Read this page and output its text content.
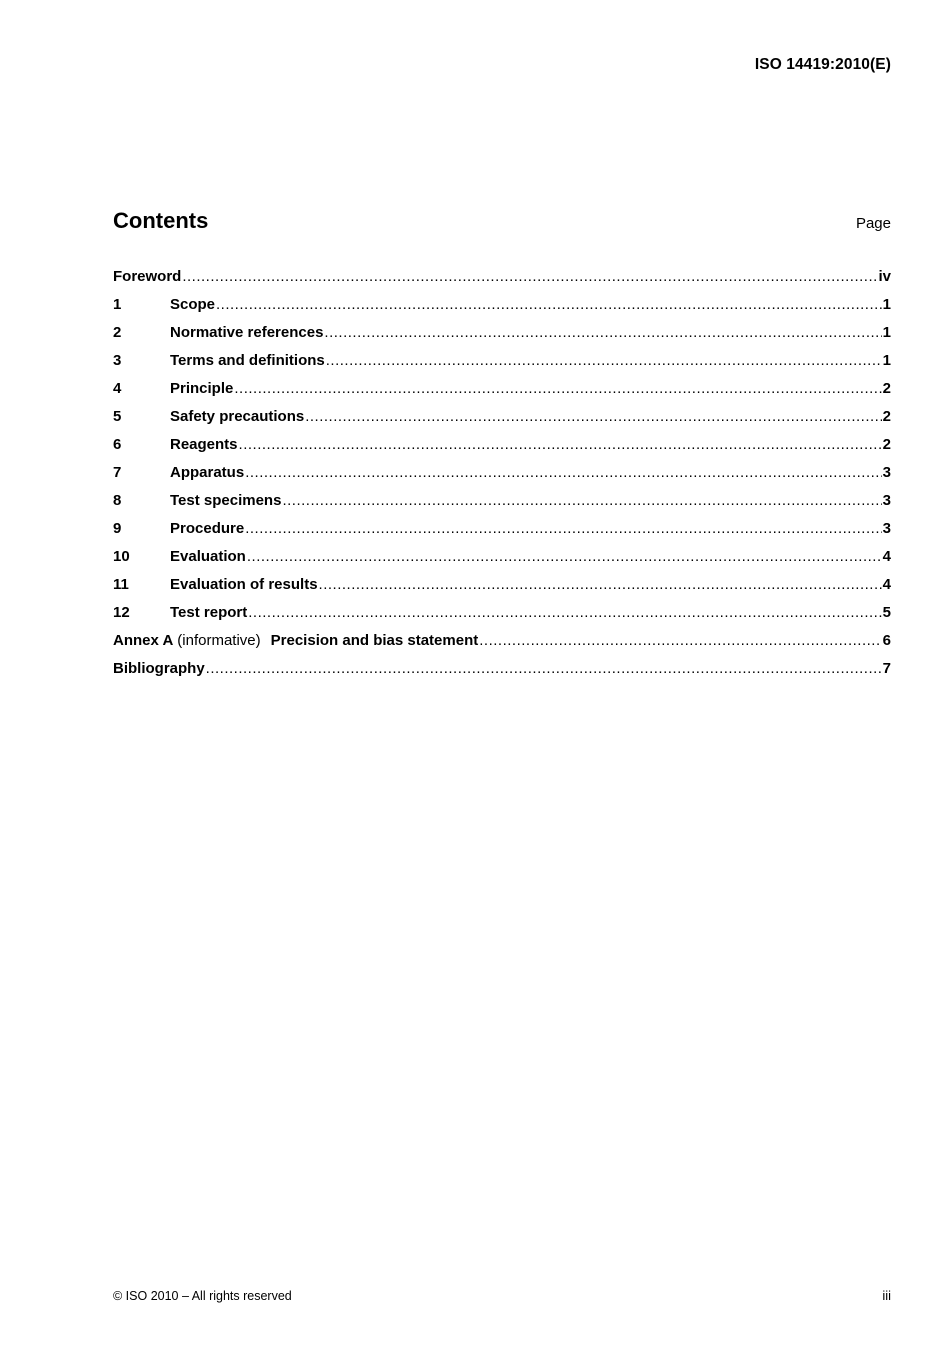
ISO 14419:2010(E)
Contents	Page
Foreword .....	iv
1	Scope .....	1
2	Normative references .....	1
3	Terms and definitions .....	1
4	Principle .....	2
5	Safety precautions .....	2
6	Reagents .....	2
7	Apparatus .....	3
8	Test specimens .....	3
9	Procedure .....	3
10	Evaluation .....	4
11	Evaluation of results .....	4
12	Test report .....	5
Annex A (informative) Precision and bias statement .....	6
Bibliography .....	7
© ISO 2010 – All rights reserved	iii
